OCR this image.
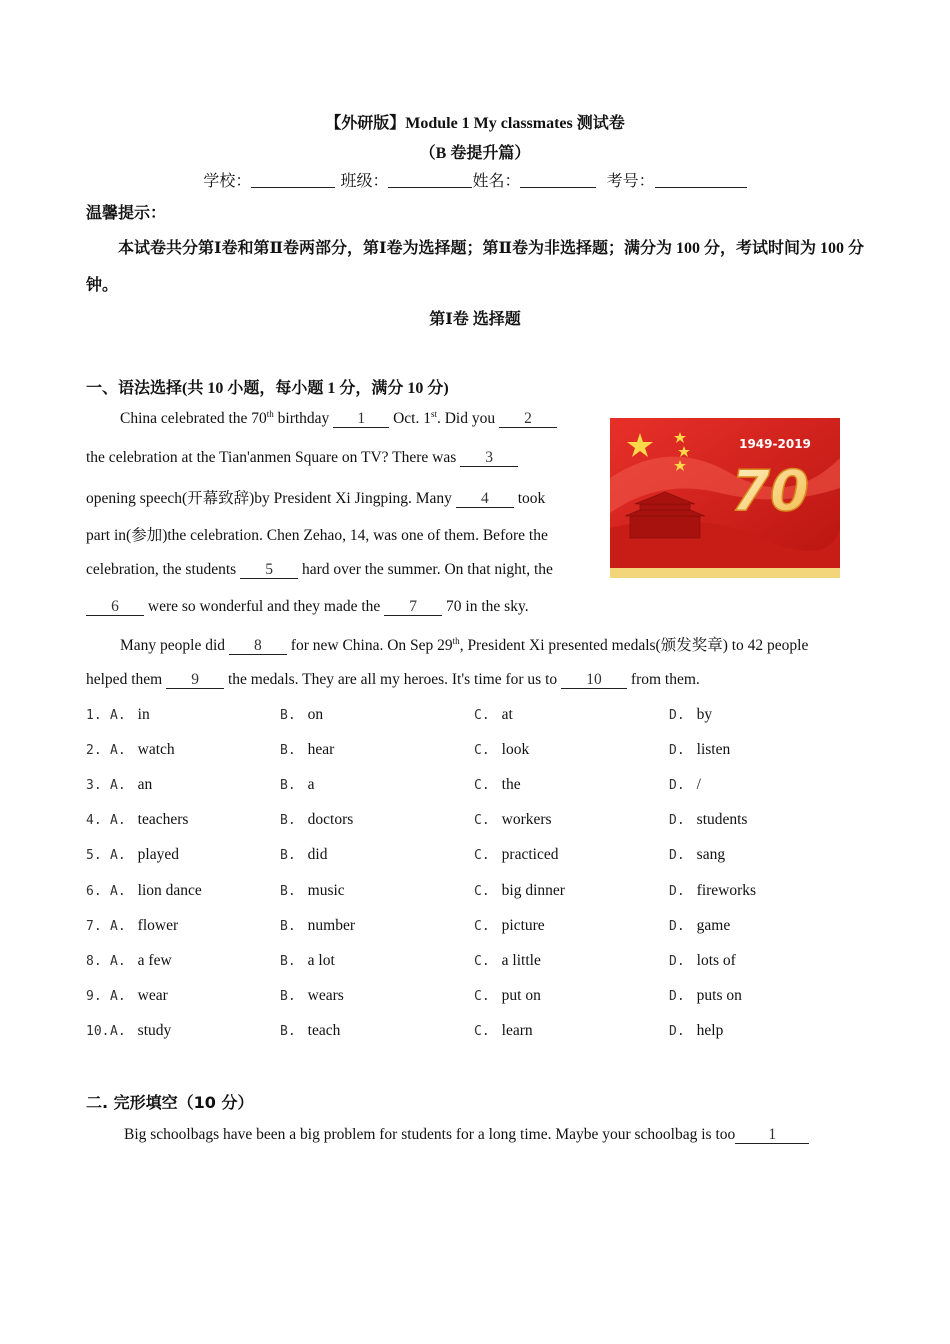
【外研版】Module 1 My classmates 测试卷
（B 卷提升篇）
学校：	班级：	姓名：	考号：
温馨提示：
本试卷共分第Ⅰ卷和第Ⅱ卷两部分，第Ⅰ卷为选择题；第Ⅱ卷为非选择题；满分为 100 分，考试时间为 100 分钟。
第Ⅰ卷 选择题
一、语法选择(共 10 小题，每小题 1 分，满分 10 分)
China celebrated the 70th birthday 1 Oct. 1st. Did you 2
the celebration at the Tian'anmen Square on TV? There was 3
opening speech(开幕致辞)by President Xi Jingping. Many 4 took
part in(参加)the celebration. Chen Zehao, 14, was one of them. Before the
celebration, the students 5 hard over the summer. On that night, the
6 were so wonderful and they made the 7 70 in the sky.
Many people did 8 for new China. On Sep 29th, President Xi presented medals(颁发奖章) to 42 people
helped them 9 the medals. They are all my heroes. It's time for us to 10 from them.
1949-2019
70
1. A. in	B. on	C. at	D. by
2. A. watch	B. hear	C. look	D. listen
3. A. an	B. a	C. the	D. /
4. A. teachers	B. doctors	C. workers	D. students
5. A. played	B. did	C. practiced	D. sang
6. A. lion dance	B. music	C. big dinner	D. fireworks
7. A. flower	B. number	C. picture	D. game
8. A. a few	B. a lot	C. a little	D. lots of
9. A. wear	B. wears	C. put on	D. puts on
10. A. study	B. teach	C. learn	D. help
二. 完形填空（10 分）
Big schoolbags have been a big problem for students for a long time. Maybe your schoolbag is too 1
